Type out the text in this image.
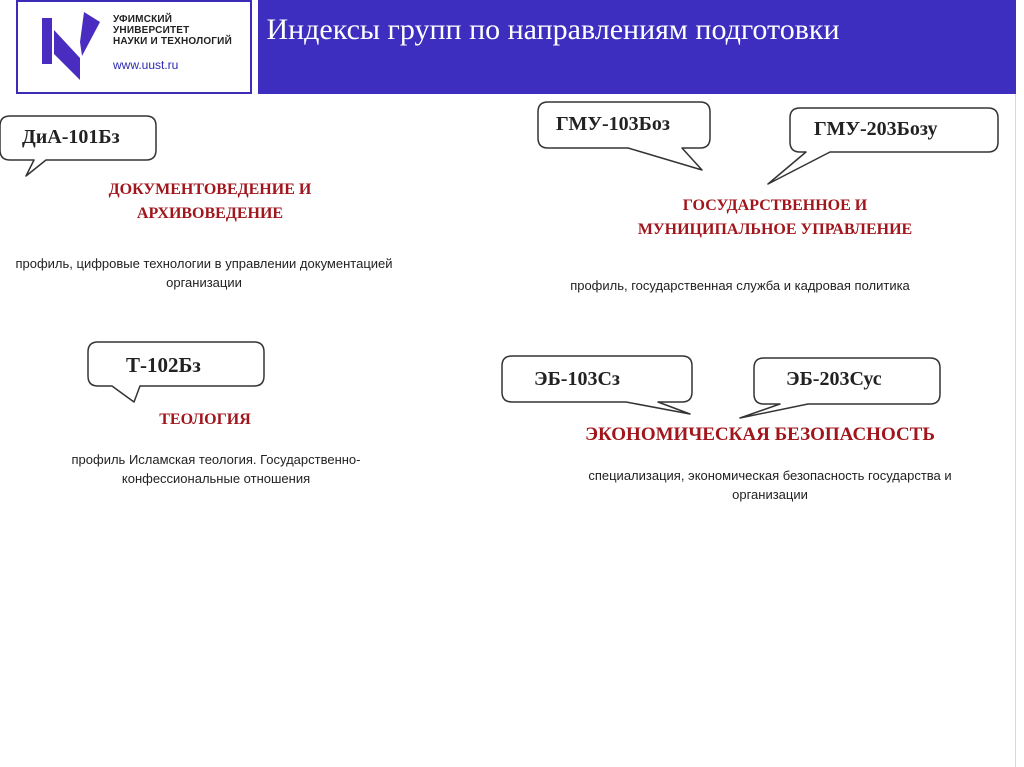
УФИМСКИЙ
УНИВЕРСИТЕТ
НАУКИ И ТЕХНОЛОГИЙ
www.uust.ru
Индексы групп по направлениям подготовки
ДиА-101Бз
ГМУ-103Боз	ГМУ-203Бозу
Т-102Бз
ЭБ-103Сз	ЭБ-203Сус

ДОКУМЕНТОВЕДЕНИЕ И АРХИВОВЕДЕНИЕ

профиль, цифровые технологии в управлении документацией организации

ГОСУДАРСТВЕННОЕ И МУНИЦИПАЛЬНОЕ УПРАВЛЕНИЕ

профиль, государственная служба и кадровая политика

ТЕОЛОГИЯ

профиль Исламская теология. Государственно-конфессиональные отношения

ЭКОНОМИЧЕСКАЯ БЕЗОПАСНОСТЬ

специализация, экономическая безопасность государства и организации
